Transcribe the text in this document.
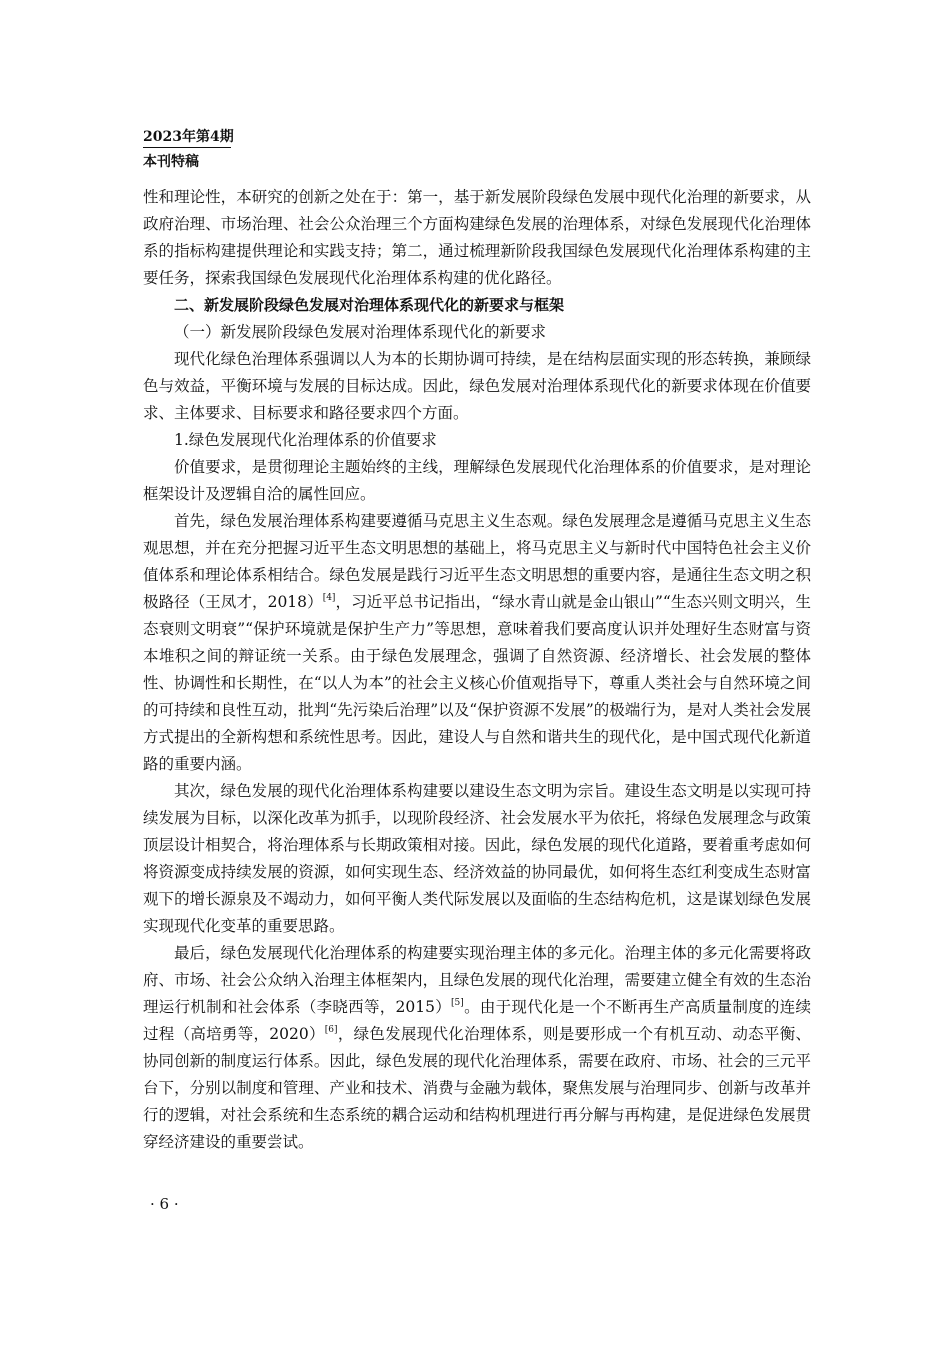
2023年第4期
本刊特稿

性和理论性，本研究的创新之处在于：第一，基于新发展阶段绿色发展中现代化治理的新要求，从政府治理、市场治理、社会公众治理三个方面构建绿色发展的治理体系，对绿色发展现代化治理体系的指标构建提供理论和实践支持；第二，通过梳理新阶段我国绿色发展现代化治理体系构建的主要任务，探索我国绿色发展现代化治理体系构建的优化路径。

二、新发展阶段绿色发展对治理体系现代化的新要求与框架

（一）新发展阶段绿色发展对治理体系现代化的新要求

现代化绿色治理体系强调以人为本的长期协调可持续，是在结构层面实现的形态转换，兼顾绿色与效益，平衡环境与发展的目标达成。因此，绿色发展对治理体系现代化的新要求体现在价值要求、主体要求、目标要求和路径要求四个方面。

1.绿色发展现代化治理体系的价值要求

价值要求，是贯彻理论主题始终的主线，理解绿色发展现代化治理体系的价值要求，是对理论框架设计及逻辑自洽的属性回应。

首先，绿色发展治理体系构建要遵循马克思主义生态观。绿色发展理念是遵循马克思主义生态观思想，并在充分把握习近平生态文明思想的基础上，将马克思主义与新时代中国特色社会主义价值体系和理论体系相结合。绿色发展是践行习近平生态文明思想的重要内容，是通往生态文明之积极路径（王凤才，2018）[4]，习近平总书记指出，“绿水青山就是金山银山”“生态兴则文明兴，生态衰则文明衰”“保护环境就是保护生产力”等思想，意味着我们要高度认识并处理好生态财富与资本堆积之间的辩证统一关系。由于绿色发展理念，强调了自然资源、经济增长、社会发展的整体性、协调性和长期性，在“以人为本”的社会主义核心价值观指导下，尊重人类社会与自然环境之间的可持续和良性互动，批判“先污染后治理”以及“保护资源不发展”的极端行为，是对人类社会发展方式提出的全新构想和系统性思考。因此，建设人与自然和谐共生的现代化，是中国式现代化新道路的重要内涵。

其次，绿色发展的现代化治理体系构建要以建设生态文明为宗旨。建设生态文明是以实现可持续发展为目标，以深化改革为抓手，以现阶段经济、社会发展水平为依托，将绿色发展理念与政策顶层设计相契合，将治理体系与长期政策相对接。因此，绿色发展的现代化道路，要着重考虑如何将资源变成持续发展的资源，如何实现生态、经济效益的协同最优，如何将生态红利变成生态财富观下的增长源泉及不竭动力，如何平衡人类代际发展以及面临的生态结构危机，这是谋划绿色发展实现现代化变革的重要思路。

最后，绿色发展现代化治理体系的构建要实现治理主体的多元化。治理主体的多元化需要将政府、市场、社会公众纳入治理主体框架内，且绿色发展的现代化治理，需要建立健全有效的生态治理运行机制和社会体系（李晓西等，2015）[5]。由于现代化是一个不断再生产高质量制度的连续过程（高培勇等，2020）[6]，绿色发展现代化治理体系，则是要形成一个有机互动、动态平衡、协同创新的制度运行体系。因此，绿色发展的现代化治理体系，需要在政府、市场、社会的三元平台下，分别以制度和管理、产业和技术、消费与金融为载体，聚焦发展与治理同步、创新与改革并行的逻辑，对社会系统和生态系统的耦合运动和结构机理进行再分解与再构建，是促进绿色发展贯穿经济建设的重要尝试。

· 6 ·
